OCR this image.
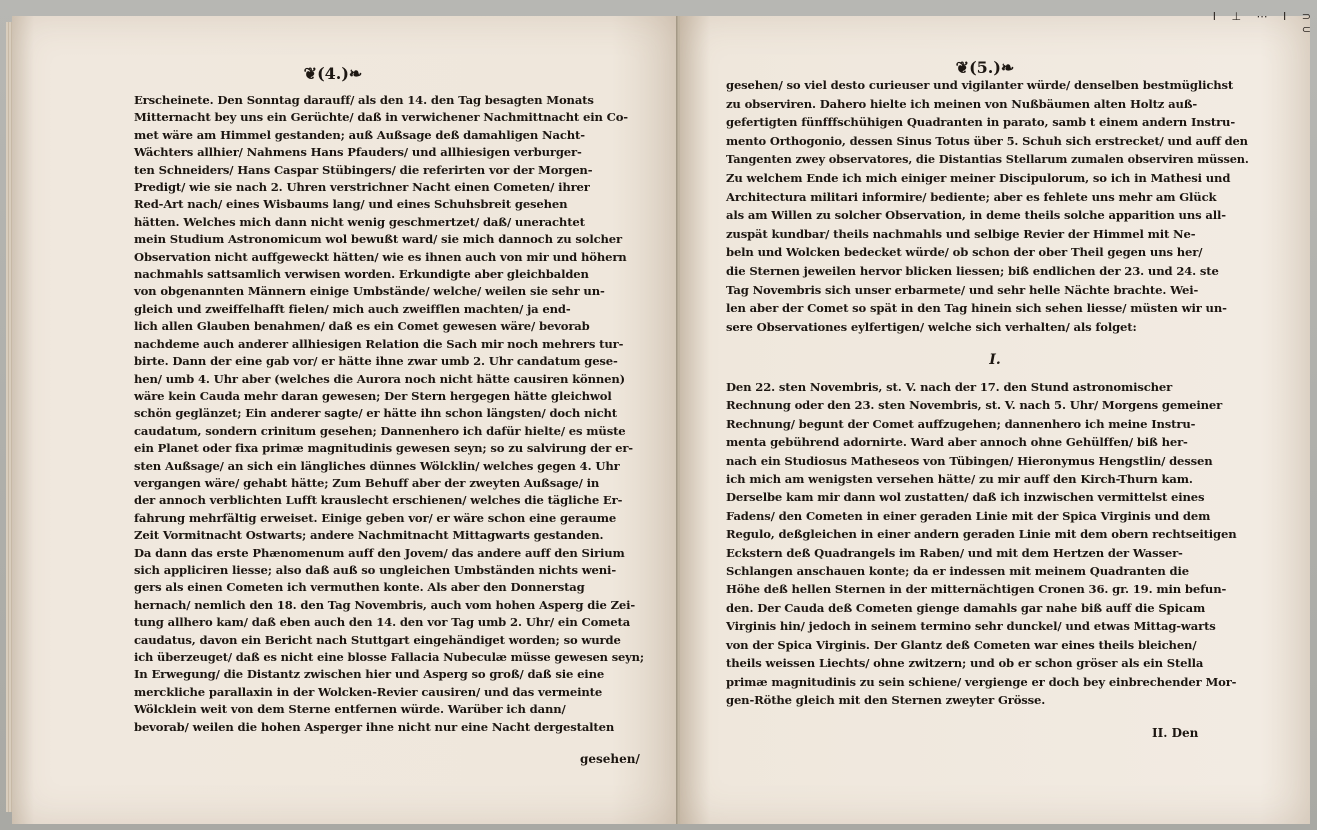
❦(4.)❧
Erscheinete. Den Sonntag darauff/ als den 14. den Tag besagten Monats
Mitternacht bey uns ein Gerüchte/ daß in verwichener Nachmittnacht ein Co-
met wäre am Himmel gestanden; auß Außsage deß damahligen Nacht-
Wächters allhier/ Nahmens Hans Pfauders/ und allhiesigen verburger-
ten Schneiders/ Hans Caspar Stübingers/ die referirten vor der Morgen-
Predigt/ wie sie nach 2. Uhren verstrichner Nacht einen Cometen/ ihrer
Red-Art nach/ eines Wisbaums lang/ und eines Schuhsbreit gesehen
hätten. Welches mich dann nicht wenig geschmertzet/ daß/ unerachtet
mein Studium Astronomicum wol bewußt ward/ sie mich dannoch zu solcher
Observation nicht auffgeweckt hätten/ wie es ihnen auch von mir und höhern
nachmahls sattsamlich verwisen worden. Erkundigte aber gleichbalden
von obgenannten Männern einige Umbstände/ welche/ weilen sie sehr un-
gleich und zweiffelhafft fielen/ mich auch zweifflen machten/ ja end-
lich allen Glauben benahmen/ daß es ein Comet gewesen wäre/ bevorab
nachdeme auch anderer allhiesigen Relation die Sach mir noch mehrers tur-
birte. Dann der eine gab vor/ er hätte ihne zwar umb 2. Uhr candatum gese-
hen/ umb 4. Uhr aber (welches die Aurora noch nicht hätte causiren können)
wäre kein Cauda mehr daran gewesen; Der Stern hergegen hätte gleichwol
schön geglänzet; Ein anderer sagte/ er hätte ihn schon längsten/ doch nicht
caudatum, sondern crinitum gesehen; Dannenhero ich dafür hielte/ es müste
ein Planet oder fixa primæ magnitudinis gewesen seyn; so zu salvirung der er-
sten Außsage/ an sich ein längliches dünnes Wölcklin/ welches gegen 4. Uhr
vergangen wäre/ gehabt hätte; Zum Behuff aber der zweyten Außsage/ in
der annoch verblichten Lufft krauslecht erschienen/ welches die tägliche Er-
fahrung mehrfältig erweiset. Einige geben vor/ er wäre schon eine geraume
Zeit Vormitnacht Ostwarts; andere Nachmitnacht Mittagwarts gestanden.
Da dann das erste Phænomenum auff den Jovem/ das andere auff den Sirium
sich appliciren liesse; also daß auß so ungleichen Umbständen nichts weni-
gers als einen Cometen ich vermuthen konte. Als aber den Donnerstag
hernach/ nemlich den 18. den Tag Novembris, auch vom hohen Asperg die Zei-
tung allhero kam/ daß eben auch den 14. den vor Tag umb 2. Uhr/ ein Cometa
caudatus, davon ein Bericht nach Stuttgart eingehändiget worden; so wurde
ich überzeuget/ daß es nicht eine blosse Fallacia Nubeculæ müsse gewesen seyn;
In Erwegung/ die Distantz zwischen hier und Asperg so groß/ daß sie eine
merckliche parallaxin in der Wolcken-Revier causiren/ und das vermeinte
Wölcklein weit von dem Sterne entfernen würde. Warüber ich dann/
bevorab/ weilen die hohen Asperger ihne nicht nur eine Nacht dergestalten
gesehen/
❦(5.)❧
gesehen/ so viel desto curieuser und vigilanter würde/ denselben bestmüglichst
zu observiren. Dahero hielte ich meinen von Nußbäumen alten Holtz auß-
gefertigten fünfffschühigen Quadranten in parato, samb t einem andern Instru-
mento Orthogonio, dessen Sinus Totus über 5. Schuh sich erstrecket/ und auff den
Tangenten zwey observatores, die Distantias Stellarum zumalen observiren müssen.
Zu welchem Ende ich mich einiger meiner Discipulorum, so ich in Mathesi und
Architectura militari informire/ bediente; aber es fehlete uns mehr am Glück
als am Willen zu solcher Observation, in deme theils solche apparition uns all-
zuspät kundbar/ theils nachmahls und selbige Revier der Himmel mit Ne-
beln und Wolcken bedecket würde/ ob schon der ober Theil gegen uns her/
die Sternen jeweilen hervor blicken liessen; biß endlichen der 23. und 24. ste
Tag Novembris sich unser erbarmete/ und sehr helle Nächte brachte. Wei-
len aber der Comet so spät in den Tag hinein sich sehen liesse/ müsten wir un-
sere Observationes eylfertigen/ welche sich verhalten/ als folget:
I.
Den 22. sten Novembris, st. V. nach der 17. den Stund astronomischer
Rechnung oder den 23. sten Novembris, st. V. nach 5. Uhr/ Morgens gemeiner
Rechnung/ begunt der Comet auffzugehen; dannenhero ich meine Instru-
menta gebührend adornirte. Ward aber annoch ohne Gehülffen/ biß her-
nach ein Studiosus Matheseos von Tübingen/ Hieronymus Hengstlin/ dessen
ich mich am wenigsten versehen hätte/ zu mir auff den Kirch-Thurn kam.
Derselbe kam mir dann wol zustatten/ daß ich inzwischen vermittelst eines
Fadens/ den Cometen in einer geraden Linie mit der Spica Virginis und dem
Regulo, deßgleichen in einer andern geraden Linie mit dem obern rechtseitigen
Eckstern deß Quadrangels im Raben/ und mit dem Hertzen der Wasser-
Schlangen anschauen konte; da er indessen mit meinem Quadranten die
Höhe deß hellen Sternen in der mitternächtigen Cronen 36. gr. 19. min befun-
den. Der Cauda deß Cometen gienge damahls gar nahe biß auff die Spicam
Virginis hin/ jedoch in seinem termino sehr dunckel/ und etwas Mittag-warts
von der Spica Virginis. Der Glantz deß Cometen war eines theils bleichen/
theils weissen Liechts/ ohne zwitzern; und ob er schon gröser als ein Stella
primæ magnitudinis zu sein schiene/ vergienge er doch bey einbrechender Mor-
gen-Röthe gleich mit den Sternen zweyter Grösse.
II. Den
I ⊥ ⋯ I ⊃ ⊂
